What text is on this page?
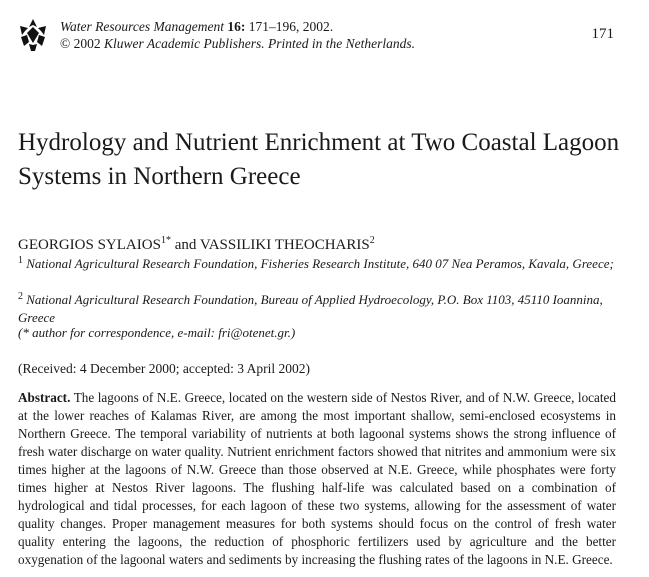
Water Resources Management 16: 171–196, 2002.
© 2002 Kluwer Academic Publishers. Printed in the Netherlands.
171
Hydrology and Nutrient Enrichment at Two Coastal Lagoon Systems in Northern Greece
GEORGIOS $SYLAIOS^{1*}$ and VASSILIKI THEOCHARIS$^2$
$^1$ National Agricultural Research Foundation, Fisheries Research Institute, 640 07 Nea Peramos, Kavala, Greece;
$^2$ National Agricultural Research Foundation, Bureau of Applied Hydroecology, P.O. Box 1103, 45110 Ioannina, Greece
(* author for correspondence, e-mail: fri@otenet.gr.)
(Received: 4 December 2000; accepted: 3 April 2002)

Abstract. The lagoons of N.E. Greece, located on the western side of Nestos River, and of N.W. Greece, located at the lower reaches of Kalamas River, are among the most important shallow, semi-enclosed ecosystems in Northern Greece. The temporal variability of nutrients at both lagoonal systems shows the strong influence of fresh water discharge on water quality. Nutrient enrichment factors showed that nitrites and ammonium were six times higher at the lagoons of N.W. Greece than those observed at N.E. Greece, while phosphates were forty times higher at Nestos River lagoons. The flushing half-life was calculated based on a combination of hydrological and tidal processes, for each lagoon of these two systems, allowing for the assessment of water quality changes. Proper management measures for both systems should focus on the control of fresh water quality entering the lagoons, the reduction of phosphoric fertilizers used by agriculture and the better oxygenation of the lagoonal waters and sediments by increasing the flushing rates of the lagoons in N.E. Greece.
